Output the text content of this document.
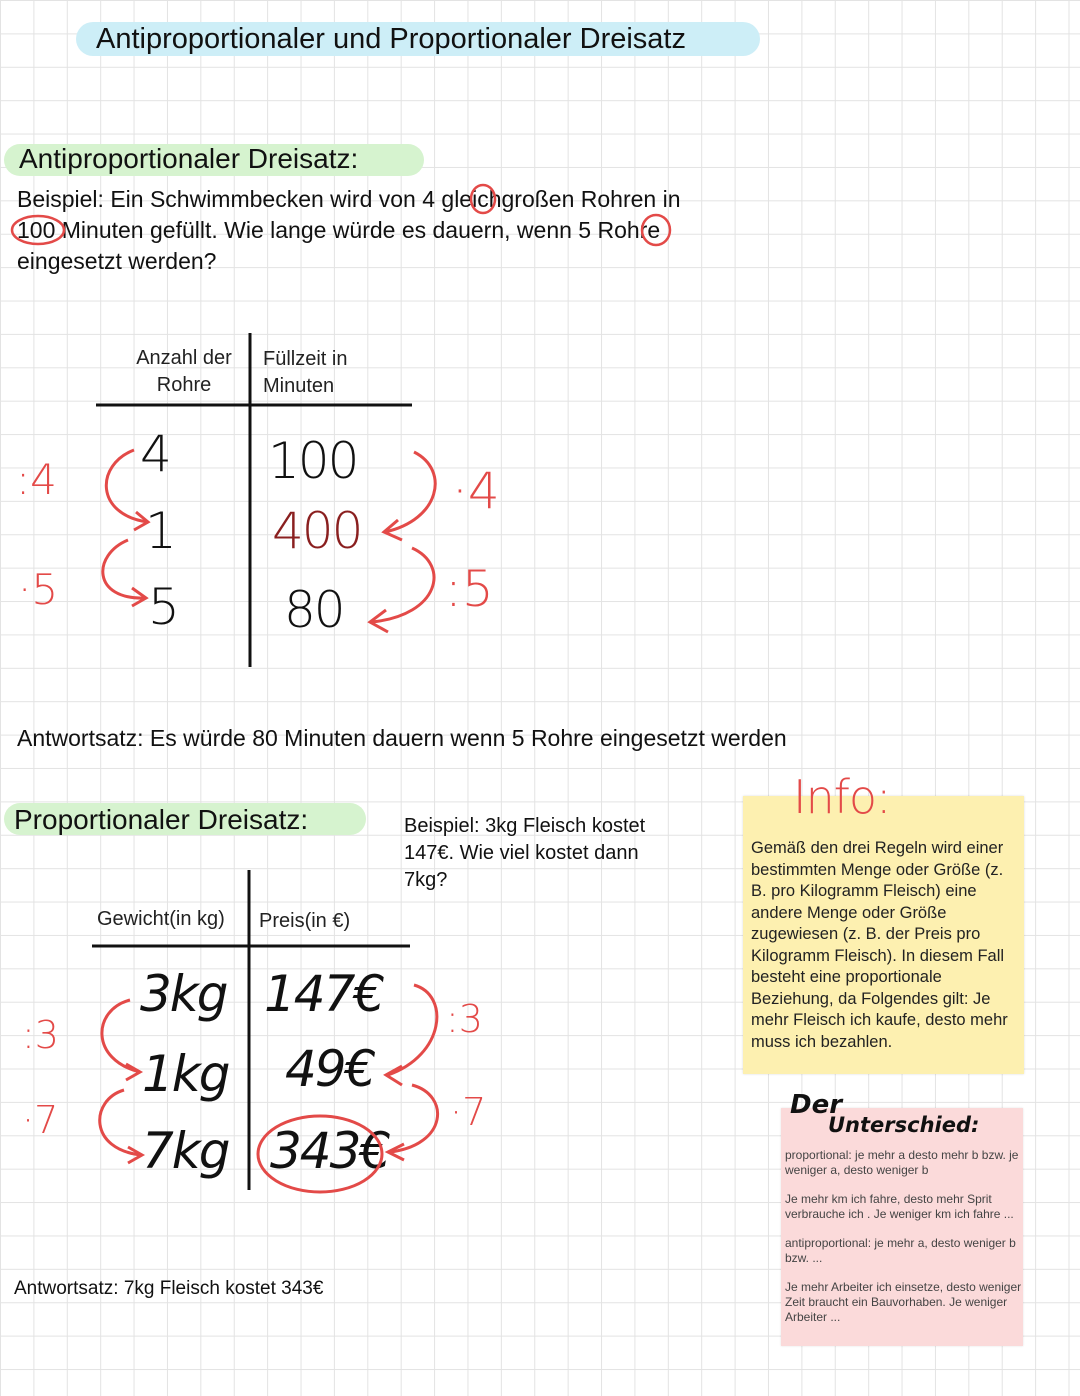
Antiproportionaler und Proportionaler Dreisatz
Antiproportionaler Dreisatz:
Beispiel: Ein Schwimmbecken wird von 4 gleichgroßen Rohren in
100 Minuten gefüllt. Wie lange würde es dauern, wenn 5 Rohre
eingesetzt werden?
Anzahl der
Rohre
Füllzeit in
Minuten
4 100
1 400
5 80
:4
·5
·4
:5
Antwortsatz: Es würde 80 Minuten dauern wenn 5 Rohre eingesetzt werden
Proportionaler Dreisatz:	Beispiel: 3kg Fleisch kostet
147€. Wie viel kostet dann
7kg?
Gewicht(in kg) Preis(in €)
3kg 147€
1kg 49€
7kg 343€
:3
·7
:3
·7
Antwortsatz: 7kg Fleisch kostet 343€
Gemäß den drei Regeln wird einer bestimmten Menge oder Größe (z. B. pro Kilogramm Fleisch) eine andere Menge oder Größe zugewiesen (z. B. der Preis pro Kilogramm Fleisch). In diesem Fall besteht eine proportionale Beziehung, da Folgendes gilt: Je mehr Fleisch ich kaufe, desto mehr muss ich bezahlen.
Info:

proportional: je mehr a desto mehr b bzw. je weniger a, desto weniger b

Je mehr km ich fahre, desto mehr Sprit verbrauche ich . Je weniger km ich fahre ...

antiproportional: je mehr a, desto weniger b bzw. ...

Je mehr Arbeiter ich einsetze, desto weniger Zeit braucht ein Bauvorhaben. Je weniger Arbeiter ...

Der
Unterschied:
